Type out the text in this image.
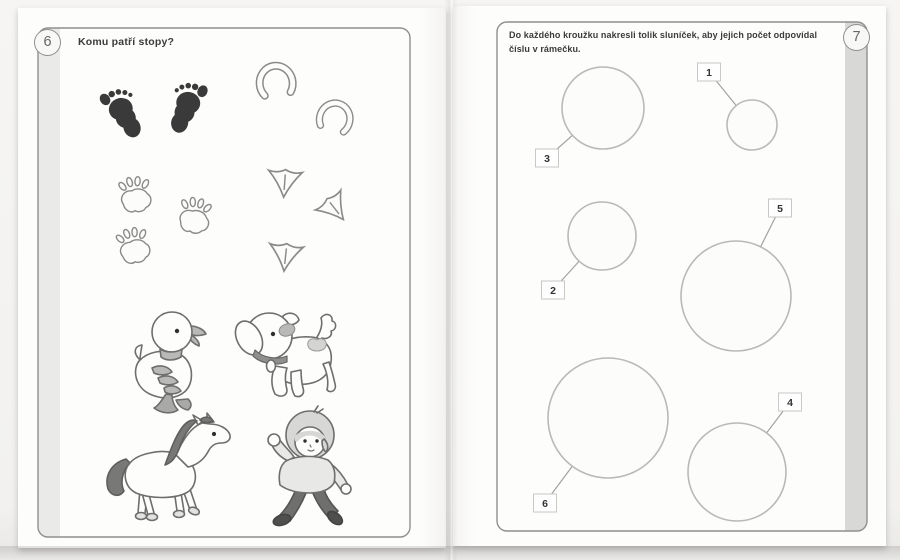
3
1
2
5
6
4
6	7
Komu patří stopy?
Do každého kroužku nakresli tolik sluníček, aby jejich počet odpovídal
číslu v rámečku.
